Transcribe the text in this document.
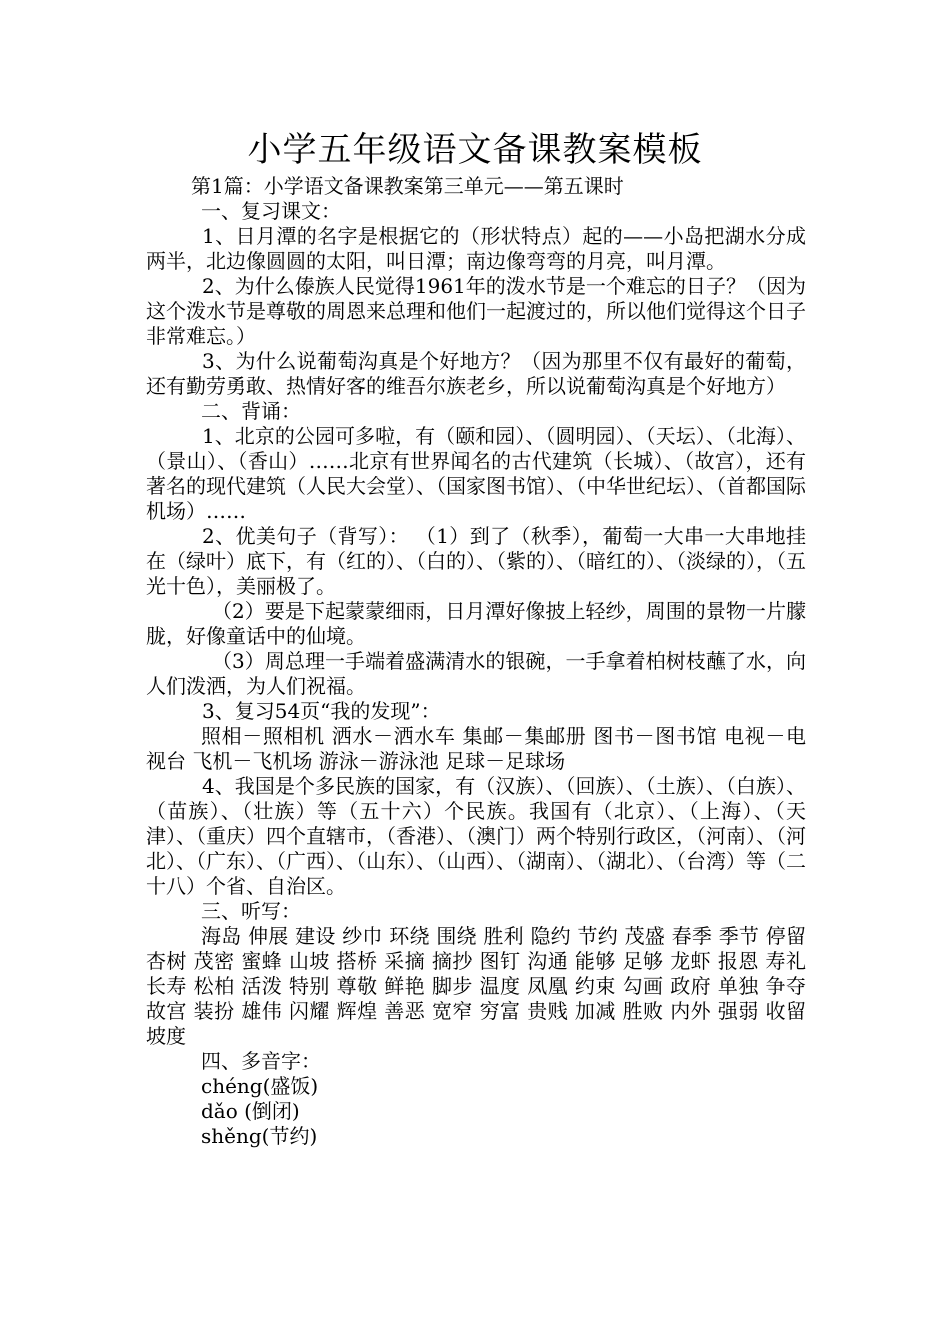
小学五年级语文备课教案模板

第1篇：小学语文备课教案第三单元——第五课时

一、复习课文：

1、日月潭的名字是根据它的（形状特点）起的——小岛把湖水分成两半，北边像圆圆的太阳，叫日潭；南边像弯弯的月亮，叫月潭。

2、为什么傣族人民觉得1961年的泼水节是一个难忘的日子？（因为这个泼水节是尊敬的周恩来总理和他们一起渡过的，所以他们觉得这个日子非常难忘。）

3、为什么说葡萄沟真是个好地方？（因为那里不仅有最好的葡萄，还有勤劳勇敢、热情好客的维吾尔族老乡，所以说葡萄沟真是个好地方）

二、背诵：

1、北京的公园可多啦，有（颐和园）、（圆明园）、（天坛）、（北海）、（景山）、（香山）……北京有世界闻名的古代建筑（长城）、（故宫），还有著名的现代建筑（人民大会堂）、（国家图书馆）、（中华世纪坛）、（首都国际机场）……

2、优美句子（背写）： （1）到了（秋季），葡萄一大串一大串地挂在（绿叶）底下，有（红的）、（白的）、（紫的）、（暗红的）、（淡绿的），（五光十色），美丽极了。

（2）要是下起蒙蒙细雨，日月潭好像披上轻纱，周围的景物一片朦胧，好像童话中的仙境。

（3）周总理一手端着盛满清水的银碗，一手拿着柏树枝蘸了水，向人们泼洒，为人们祝福。

3、复习54页“我的发现”：

照相－照相机 洒水－洒水车 集邮－集邮册 图书－图书馆 电视－电视台 飞机－飞机场 游泳－游泳池 足球－足球场

4、我国是个多民族的国家，有（汉族）、（回族）、（土族）、（白族）、（苗族）、（壮族）等（五十六）个民族。我国有（北京）、（上海）、（天津）、（重庆）四个直辖市，（香港）、（澳门）两个特别行政区，（河南）、（河北）、（广东）、（广西）、（山东）、（山西）、（湖南）、（湖北）、（台湾）等（二十八）个省、自治区。

三、听写：

海岛 伸展 建设 纱巾 环绕 围绕 胜利 隐约 节约 茂盛 春季 季节 停留 杏树 茂密 蜜蜂 山坡 搭桥 采摘 摘抄 图钉 沟通 能够 足够 龙虾 报恩 寿礼 长寿 松柏 活泼 特别 尊敬 鲜艳 脚步 温度 凤凰 约束 勾画 政府 单独 争夺 故宫 装扮 雄伟 闪耀 辉煌 善恶 宽窄 穷富 贵贱 加减 胜败 内外 强弱 收留 坡度

四、多音字：

chéng(盛饭)

dǎo (倒闭)

shěng(节约)
